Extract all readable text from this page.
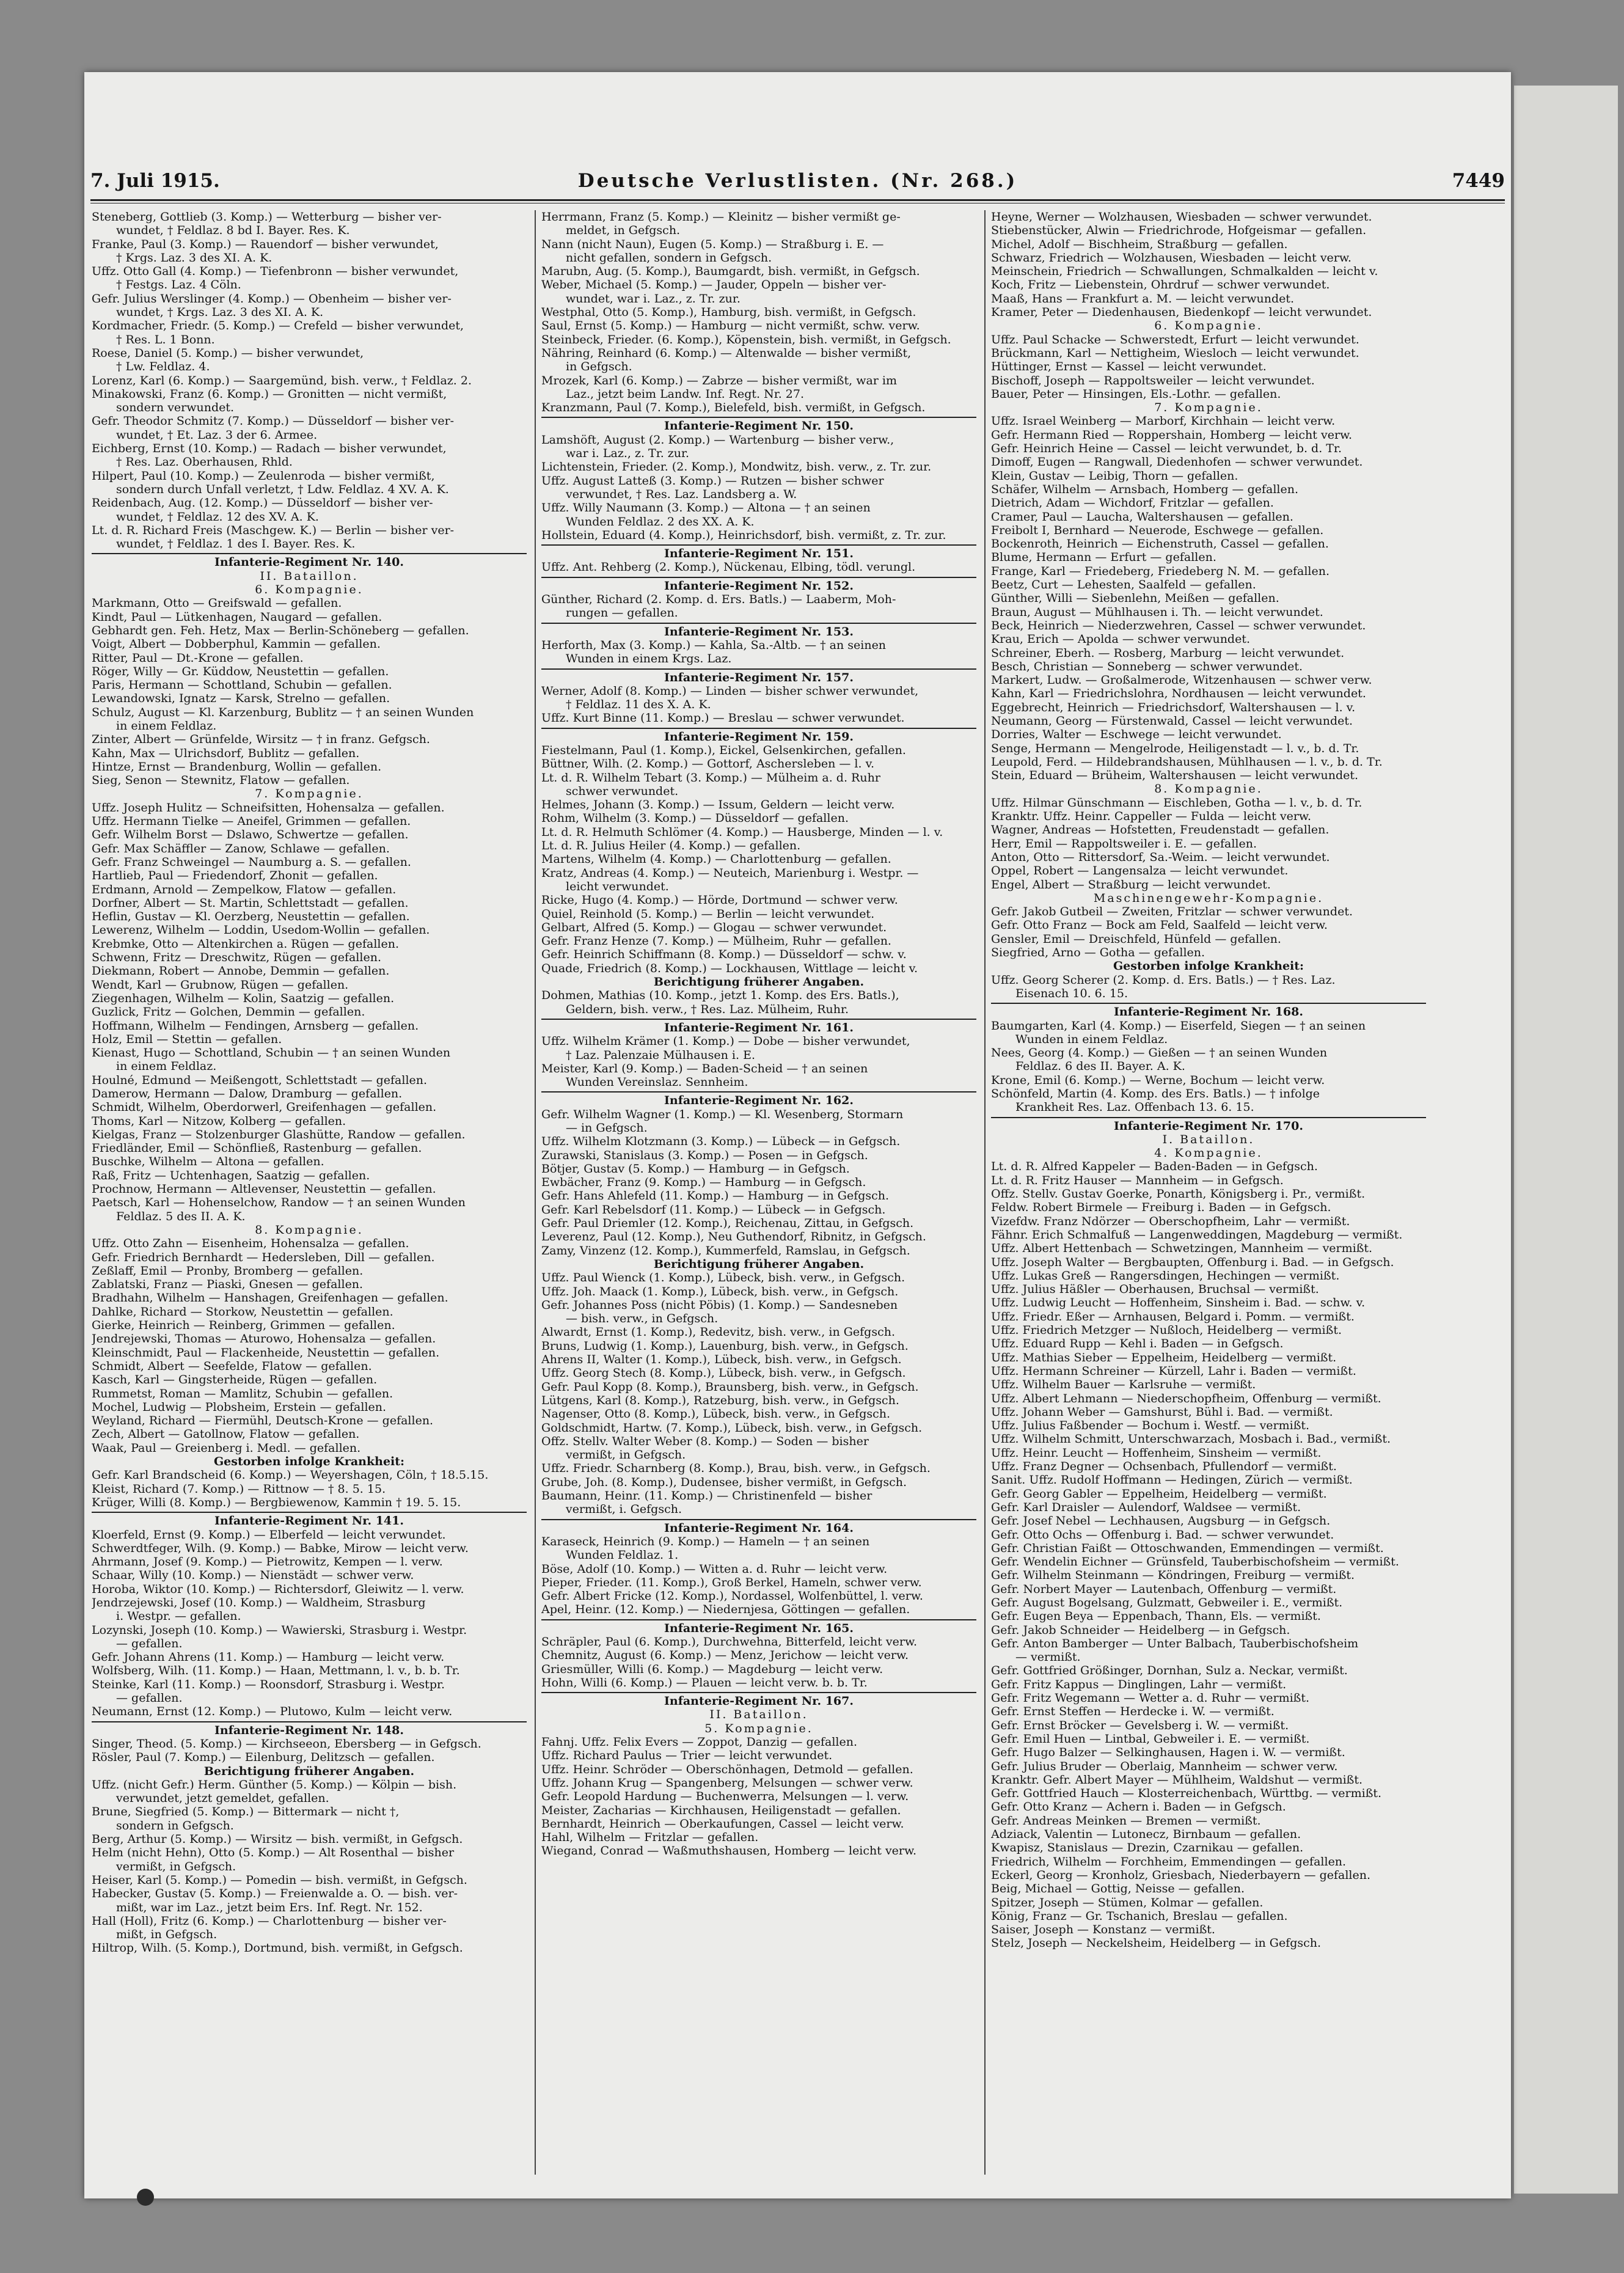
7. Juli 1915.	Deutsche Verlustlisten. (Nr. 268.)	7449
Steneberg, Gottlieb (3. Komp.) — Wetterburg — bisher ver-
wundet, † Feldlaz. 8 bd I. Bayer. Res. K.
Franke, Paul (3. Komp.) — Rauendorf — bisher verwundet,
† Krgs. Laz. 3 des XI. A. K.
Uffz. Otto Gall (4. Komp.) — Tiefenbronn — bisher verwundet,
† Festgs. Laz. 4 Cöln.
Gefr. Julius Werslinger (4. Komp.) — Obenheim — bisher ver-
wundet, † Krgs. Laz. 3 des XI. A. K.
Kordmacher, Friedr. (5. Komp.) — Crefeld — bisher verwundet,
† Res. L. 1 Bonn.
Roese, Daniel (5. Komp.) — bisher verwundet,
† Lw. Feldlaz. 4.
Lorenz, Karl (6. Komp.) — Saargemünd, bish. verw., † Feldlaz. 2.
Minakowski, Franz (6. Komp.) — Gronitten — nicht vermißt,
sondern verwundet.
Gefr. Theodor Schmitz (7. Komp.) — Düsseldorf — bisher ver-
wundet, † Et. Laz. 3 der 6. Armee.
Eichberg, Ernst (10. Komp.) — Radach — bisher verwundet,
† Res. Laz. Oberhausen, Rhld.
Hilpert, Paul (10. Komp.) — Zeulenroda — bisher vermißt,
sondern durch Unfall verletzt, † Ldw. Feldlaz. 4 XV. A. K.
Reidenbach, Aug. (12. Komp.) — Düsseldorf — bisher ver-
wundet, † Feldlaz. 12 des XV. A. K.
Lt. d. R. Richard Freis (Maschgew. K.) — Berlin — bisher ver-
wundet, † Feldlaz. 1 des I. Bayer. Res. K.
Infanterie-Regiment Nr. 140.
II. Bataillon.
6. Kompagnie.
Markmann, Otto — Greifswald — gefallen.
Kindt, Paul — Lütkenhagen, Naugard — gefallen.
Gebhardt gen. Feh. Hetz, Max — Berlin-Schöneberg — gefallen.
Voigt, Albert — Dobberphul, Kammin — gefallen.
Ritter, Paul — Dt.-Krone — gefallen.
Röger, Willy — Gr. Küddow, Neustettin — gefallen.
Paris, Hermann — Schottland, Schubin — gefallen.
Lewandowski, Ignatz — Karsk, Strelno — gefallen.
Schulz, August — Kl. Karzenburg, Bublitz — † an seinen Wunden
in einem Feldlaz.
Zinter, Albert — Grünfelde, Wirsitz — † in franz. Gefgsch.
Kahn, Max — Ulrichsdorf, Bublitz — gefallen.
Hintze, Ernst — Brandenburg, Wollin — gefallen.
Sieg, Senon — Stewnitz, Flatow — gefallen.
7. Kompagnie.
Uffz. Joseph Hulitz — Schneifsitten, Hohensalza — gefallen.
Uffz. Hermann Tielke — Aneifel, Grimmen — gefallen.
Gefr. Wilhelm Borst — Dslawo, Schwertze — gefallen.
Gefr. Max Schäffler — Zanow, Schlawe — gefallen.
Gefr. Franz Schweingel — Naumburg a. S. — gefallen.
Hartlieb, Paul — Friedendorf, Zhonit — gefallen.
Erdmann, Arnold — Zempelkow, Flatow — gefallen.
Dorfner, Albert — St. Martin, Schlettstadt — gefallen.
Heflin, Gustav — Kl. Oerzberg, Neustettin — gefallen.
Lewerenz, Wilhelm — Loddin, Usedom-Wollin — gefallen.
Krebmke, Otto — Altenkirchen a. Rügen — gefallen.
Schwenn, Fritz — Dreschwitz, Rügen — gefallen.
Diekmann, Robert — Annobe, Demmin — gefallen.
Wendt, Karl — Grubnow, Rügen — gefallen.
Ziegenhagen, Wilhelm — Kolin, Saatzig — gefallen.
Guzlick, Fritz — Golchen, Demmin — gefallen.
Hoffmann, Wilhelm — Fendingen, Arnsberg — gefallen.
Holz, Emil — Stettin — gefallen.
Kienast, Hugo — Schottland, Schubin — † an seinen Wunden
in einem Feldlaz.
Houlné, Edmund — Meißengott, Schlettstadt — gefallen.
Damerow, Hermann — Dalow, Dramburg — gefallen.
Schmidt, Wilhelm, Oberdorwerl, Greifenhagen — gefallen.
Thoms, Karl — Nitzow, Kolberg — gefallen.
Kielgas, Franz — Stolzenburger Glashütte, Randow — gefallen.
Friedländer, Emil — Schönfließ, Rastenburg — gefallen.
Buschke, Wilhelm — Altona — gefallen.
Raß, Fritz — Uchtenhagen, Saatzig — gefallen.
Prochnow, Hermann — Altlevenser, Neustettin — gefallen.
Paetsch, Karl — Hohenselchow, Randow — † an seinen Wunden
Feldlaz. 5 des II. A. K.
8. Kompagnie.
Uffz. Otto Zahn — Eisenheim, Hohensalza — gefallen.
Gefr. Friedrich Bernhardt — Hedersleben, Dill — gefallen.
Zeßlaff, Emil — Pronby, Bromberg — gefallen.
Zablatski, Franz — Piaski, Gnesen — gefallen.
Bradhahn, Wilhelm — Hanshagen, Greifenhagen — gefallen.
Dahlke, Richard — Storkow, Neustettin — gefallen.
Gierke, Heinrich — Reinberg, Grimmen — gefallen.
Jendrejewski, Thomas — Aturowo, Hohensalza — gefallen.
Kleinschmidt, Paul — Flackenheide, Neustettin — gefallen.
Schmidt, Albert — Seefelde, Flatow — gefallen.
Kasch, Karl — Gingsterheide, Rügen — gefallen.
Rummetst, Roman — Mamlitz, Schubin — gefallen.
Mochel, Ludwig — Plobsheim, Erstein — gefallen.
Weyland, Richard — Fiermühl, Deutsch-Krone — gefallen.
Zech, Albert — Gatollnow, Flatow — gefallen.
Waak, Paul — Greienberg i. Medl. — gefallen.
Gestorben infolge Krankheit:
Gefr. Karl Brandscheid (6. Komp.) — Weyershagen, Cöln, † 18.5.15.
Kleist, Richard (7. Komp.) — Rittnow — † 8. 5. 15.
Krüger, Willi (8. Komp.) — Bergbiewenow, Kammin † 19. 5. 15.
Infanterie-Regiment Nr. 141.
Kloerfeld, Ernst (9. Komp.) — Elberfeld — leicht verwundet.
Schwerdtfeger, Wilh. (9. Komp.) — Babke, Mirow — leicht verw.
Ahrmann, Josef (9. Komp.) — Pietrowitz, Kempen — l. verw.
Schaar, Willy (10. Komp.) — Nienstädt — schwer verw.
Horoba, Wiktor (10. Komp.) — Richtersdorf, Gleiwitz — l. verw.
Jendrzejewski, Josef (10. Komp.) — Waldheim, Strasburg
i. Westpr. — gefallen.
Lozynski, Joseph (10. Komp.) — Wawierski, Strasburg i. Westpr.
— gefallen.
Gefr. Johann Ahrens (11. Komp.) — Hamburg — leicht verw.
Wolfsberg, Wilh. (11. Komp.) — Haan, Mettmann, l. v., b. b. Tr.
Steinke, Karl (11. Komp.) — Roonsdorf, Strasburg i. Westpr.
— gefallen.
Neumann, Ernst (12. Komp.) — Plutowo, Kulm — leicht verw.
Infanterie-Regiment Nr. 148.
Singer, Theod. (5. Komp.) — Kirchseeon, Ebersberg — in Gefgsch.
Rösler, Paul (7. Komp.) — Eilenburg, Delitzsch — gefallen.
Berichtigung früherer Angaben.
Uffz. (nicht Gefr.) Herm. Günther (5. Komp.) — Kölpin — bish.
verwundet, jetzt gemeldet, gefallen.
Brune, Siegfried (5. Komp.) — Bittermark — nicht †,
sondern in Gefgsch.
Berg, Arthur (5. Komp.) — Wirsitz — bish. vermißt, in Gefgsch.
Helm (nicht Hehn), Otto (5. Komp.) — Alt Rosenthal — bisher
vermißt, in Gefgsch.
Heiser, Karl (5. Komp.) — Pomedin — bish. vermißt, in Gefgsch.
Habecker, Gustav (5. Komp.) — Freienwalde a. O. — bish. ver-
mißt, war im Laz., jetzt beim Ers. Inf. Regt. Nr. 152.
Hall (Holl), Fritz (6. Komp.) — Charlottenburg — bisher ver-
mißt, in Gefgsch.
Hiltrop, Wilh. (5. Komp.), Dortmund, bish. vermißt, in Gefgsch.
Herrmann, Franz (5. Komp.) — Kleinitz — bisher vermißt ge-
meldet, in Gefgsch.
Nann (nicht Naun), Eugen (5. Komp.) — Straßburg i. E. —
nicht gefallen, sondern in Gefgsch.
Marubn, Aug. (5. Komp.), Baumgardt, bish. vermißt, in Gefgsch.
Weber, Michael (5. Komp.) — Jauder, Oppeln — bisher ver-
wundet, war i. Laz., z. Tr. zur.
Westphal, Otto (5. Komp.), Hamburg, bish. vermißt, in Gefgsch.
Saul, Ernst (5. Komp.) — Hamburg — nicht vermißt, schw. verw.
Steinbeck, Frieder. (6. Komp.), Köpenstein, bish. vermißt, in Gefgsch.
Nähring, Reinhard (6. Komp.) — Altenwalde — bisher vermißt,
in Gefgsch.
Mrozek, Karl (6. Komp.) — Zabrze — bisher vermißt, war im
Laz., jetzt beim Landw. Inf. Regt. Nr. 27.
Kranzmann, Paul (7. Komp.), Bielefeld, bish. vermißt, in Gefgsch.
Infanterie-Regiment Nr. 150.
Lamshöft, August (2. Komp.) — Wartenburg — bisher verw.,
war i. Laz., z. Tr. zur.
Lichtenstein, Frieder. (2. Komp.), Mondwitz, bish. verw., z. Tr. zur.
Uffz. August Latteß (3. Komp.) — Rutzen — bisher schwer
verwundet, † Res. Laz. Landsberg a. W.
Uffz. Willy Naumann (3. Komp.) — Altona — † an seinen
Wunden Feldlaz. 2 des XX. A. K.
Hollstein, Eduard (4. Komp.), Heinrichsdorf, bish. vermißt, z. Tr. zur.
Infanterie-Regiment Nr. 151.
Uffz. Ant. Rehberg (2. Komp.), Nückenau, Elbing, tödl. verungl.
Infanterie-Regiment Nr. 152.
Günther, Richard (2. Komp. d. Ers. Batls.) — Laaberm, Moh-
rungen — gefallen.
Infanterie-Regiment Nr. 153.
Herforth, Max (3. Komp.) — Kahla, Sa.-Altb. — † an seinen
Wunden in einem Krgs. Laz.
Infanterie-Regiment Nr. 157.
Werner, Adolf (8. Komp.) — Linden — bisher schwer verwundet,
† Feldlaz. 11 des X. A. K.
Uffz. Kurt Binne (11. Komp.) — Breslau — schwer verwundet.
Infanterie-Regiment Nr. 159.
Fiestelmann, Paul (1. Komp.), Eickel, Gelsenkirchen, gefallen.
Büttner, Wilh. (2. Komp.) — Gottorf, Aschersleben — l. v.
Lt. d. R. Wilhelm Tebart (3. Komp.) — Mülheim a. d. Ruhr
schwer verwundet.
Helmes, Johann (3. Komp.) — Issum, Geldern — leicht verw.
Rohm, Wilhelm (3. Komp.) — Düsseldorf — gefallen.
Lt. d. R. Helmuth Schlömer (4. Komp.) — Hausberge, Minden — l. v.
Lt. d. R. Julius Heiler (4. Komp.) — gefallen.
Martens, Wilhelm (4. Komp.) — Charlottenburg — gefallen.
Kratz, Andreas (4. Komp.) — Neuteich, Marienburg i. Westpr. —
leicht verwundet.
Ricke, Hugo (4. Komp.) — Hörde, Dortmund — schwer verw.
Quiel, Reinhold (5. Komp.) — Berlin — leicht verwundet.
Gelbart, Alfred (5. Komp.) — Glogau — schwer verwundet.
Gefr. Franz Henze (7. Komp.) — Mülheim, Ruhr — gefallen.
Gefr. Heinrich Schiffmann (8. Komp.) — Düsseldorf — schw. v.
Quade, Friedrich (8. Komp.) — Lockhausen, Wittlage — leicht v.
Berichtigung früherer Angaben.
Dohmen, Mathias (10. Komp., jetzt 1. Komp. des Ers. Batls.),
Geldern, bish. verw., † Res. Laz. Mülheim, Ruhr.
Infanterie-Regiment Nr. 161.
Uffz. Wilhelm Krämer (1. Komp.) — Dobe — bisher verwundet,
† Laz. Palenzaie Mülhausen i. E.
Meister, Karl (9. Komp.) — Baden-Scheid — † an seinen
Wunden Vereinslaz. Sennheim.
Infanterie-Regiment Nr. 162.
Gefr. Wilhelm Wagner (1. Komp.) — Kl. Wesenberg, Stormarn
— in Gefgsch.
Uffz. Wilhelm Klotzmann (3. Komp.) — Lübeck — in Gefgsch.
Zurawski, Stanislaus (3. Komp.) — Posen — in Gefgsch.
Bötjer, Gustav (5. Komp.) — Hamburg — in Gefgsch.
Ewbächer, Franz (9. Komp.) — Hamburg — in Gefgsch.
Gefr. Hans Ahlefeld (11. Komp.) — Hamburg — in Gefgsch.
Gefr. Karl Rebelsdorf (11. Komp.) — Lübeck — in Gefgsch.
Gefr. Paul Driemler (12. Komp.), Reichenau, Zittau, in Gefgsch.
Leverenz, Paul (12. Komp.), Neu Guthendorf, Ribnitz, in Gefgsch.
Zamy, Vinzenz (12. Komp.), Kummerfeld, Ramslau, in Gefgsch.
Berichtigung früherer Angaben.
Uffz. Paul Wienck (1. Komp.), Lübeck, bish. verw., in Gefgsch.
Uffz. Joh. Maack (1. Komp.), Lübeck, bish. verw., in Gefgsch.
Gefr. Johannes Poss (nicht Pöbis) (1. Komp.) — Sandesneben
— bish. verw., in Gefgsch.
Alwardt, Ernst (1. Komp.), Redevitz, bish. verw., in Gefgsch.
Bruns, Ludwig (1. Komp.), Lauenburg, bish. verw., in Gefgsch.
Ahrens II, Walter (1. Komp.), Lübeck, bish. verw., in Gefgsch.
Uffz. Georg Stech (8. Komp.), Lübeck, bish. verw., in Gefgsch.
Gefr. Paul Kopp (8. Komp.), Braunsberg, bish. verw., in Gefgsch.
Lütgens, Karl (8. Komp.), Ratzeburg, bish. verw., in Gefgsch.
Nagenser, Otto (8. Komp.), Lübeck, bish. verw., in Gefgsch.
Goldschmidt, Hartw. (7. Komp.), Lübeck, bish. verw., in Gefgsch.
Offz. Stellv. Walter Weber (8. Komp.) — Soden — bisher
vermißt, in Gefgsch.
Uffz. Friedr. Scharnberg (8. Komp.), Brau, bish. verw., in Gefgsch.
Grube, Joh. (8. Komp.), Dudensee, bisher vermißt, in Gefgsch.
Baumann, Heinr. (11. Komp.) — Christinenfeld — bisher
vermißt, i. Gefgsch.
Infanterie-Regiment Nr. 164.
Karaseck, Heinrich (9. Komp.) — Hameln — † an seinen
Wunden Feldlaz. 1.
Böse, Adolf (10. Komp.) — Witten a. d. Ruhr — leicht verw.
Pieper, Frieder. (11. Komp.), Groß Berkel, Hameln, schwer verw.
Gefr. Albert Fricke (12. Komp.), Nordassel, Wolfenbüttel, l. verw.
Apel, Heinr. (12. Komp.) — Niedernjesa, Göttingen — gefallen.
Infanterie-Regiment Nr. 165.
Schräpler, Paul (6. Komp.), Durchwehna, Bitterfeld, leicht verw.
Chemnitz, August (6. Komp.) — Menz, Jerichow — leicht verw.
Griesmüller, Willi (6. Komp.) — Magdeburg — leicht verw.
Hohn, Willi (6. Komp.) — Plauen — leicht verw. b. b. Tr.
Infanterie-Regiment Nr. 167.
II. Bataillon.
5. Kompagnie.
Fahnj. Uffz. Felix Evers — Zoppot, Danzig — gefallen.
Uffz. Richard Paulus — Trier — leicht verwundet.
Uffz. Heinr. Schröder — Oberschönhagen, Detmold — gefallen.
Uffz. Johann Krug — Spangenberg, Melsungen — schwer verw.
Gefr. Leopold Hardung — Buchenwerra, Melsungen — l. verw.
Meister, Zacharias — Kirchhausen, Heiligenstadt — gefallen.
Bernhardt, Heinrich — Oberkaufungen, Cassel — leicht verw.
Hahl, Wilhelm — Fritzlar — gefallen.
Wiegand, Conrad — Waßmuthshausen, Homberg — leicht verw.
Heyne, Werner — Wolzhausen, Wiesbaden — schwer verwundet.
Stiebenstücker, Alwin — Friedrichrode, Hofgeismar — gefallen.
Michel, Adolf — Bischheim, Straßburg — gefallen.
Schwarz, Friedrich — Wolzhausen, Wiesbaden — leicht verw.
Meinschein, Friedrich — Schwallungen, Schmalkalden — leicht v.
Koch, Fritz — Liebenstein, Ohrdruf — schwer verwundet.
Maaß, Hans — Frankfurt a. M. — leicht verwundet.
Kramer, Peter — Diedenhausen, Biedenkopf — leicht verwundet.
6. Kompagnie.
Uffz. Paul Schacke — Schwerstedt, Erfurt — leicht verwundet.
Brückmann, Karl — Nettigheim, Wiesloch — leicht verwundet.
Hüttinger, Ernst — Kassel — leicht verwundet.
Bischoff, Joseph — Rappoltsweiler — leicht verwundet.
Bauer, Peter — Hinsingen, Els.-Lothr. — gefallen.
7. Kompagnie.
Uffz. Israel Weinberg — Marborf, Kirchhain — leicht verw.
Gefr. Hermann Ried — Roppershain, Homberg — leicht verw.
Gefr. Heinrich Heine — Cassel — leicht verwundet, b. d. Tr.
Dimoff, Eugen — Rangwall, Diedenhofen — schwer verwundet.
Klein, Gustav — Leibig, Thorn — gefallen.
Schäfer, Wilhelm — Arnsbach, Homberg — gefallen.
Dietrich, Adam — Wichdorf, Fritzlar — gefallen.
Cramer, Paul — Laucha, Waltershausen — gefallen.
Freibolt I, Bernhard — Neuerode, Eschwege — gefallen.
Bockenroth, Heinrich — Eichenstruth, Cassel — gefallen.
Blume, Hermann — Erfurt — gefallen.
Frange, Karl — Friedeberg, Friedeberg N. M. — gefallen.
Beetz, Curt — Lehesten, Saalfeld — gefallen.
Günther, Willi — Siebenlehn, Meißen — gefallen.
Braun, August — Mühlhausen i. Th. — leicht verwundet.
Beck, Heinrich — Niederzwehren, Cassel — schwer verwundet.
Krau, Erich — Apolda — schwer verwundet.
Schreiner, Eberh. — Rosberg, Marburg — leicht verwundet.
Besch, Christian — Sonneberg — schwer verwundet.
Markert, Ludw. — Großalmerode, Witzenhausen — schwer verw.
Kahn, Karl — Friedrichslohra, Nordhausen — leicht verwundet.
Eggebrecht, Heinrich — Friedrichsdorf, Waltershausen — l. v.
Neumann, Georg — Fürstenwald, Cassel — leicht verwundet.
Dorries, Walter — Eschwege — leicht verwundet.
Senge, Hermann — Mengelrode, Heiligenstadt — l. v., b. d. Tr.
Leupold, Ferd. — Hildebrandshausen, Mühlhausen — l. v., b. d. Tr.
Stein, Eduard — Brüheim, Waltershausen — leicht verwundet.
8. Kompagnie.
Uffz. Hilmar Günschmann — Eischleben, Gotha — l. v., b. d. Tr.
Kranktr. Uffz. Heinr. Cappeller — Fulda — leicht verw.
Wagner, Andreas — Hofstetten, Freudenstadt — gefallen.
Herr, Emil — Rappoltsweiler i. E. — gefallen.
Anton, Otto — Rittersdorf, Sa.-Weim. — leicht verwundet.
Oppel, Robert — Langensalza — leicht verwundet.
Engel, Albert — Straßburg — leicht verwundet.
Maschinengewehr-Kompagnie.
Gefr. Jakob Gutbeil — Zweiten, Fritzlar — schwer verwundet.
Gefr. Otto Franz — Bock am Feld, Saalfeld — leicht verw.
Gensler, Emil — Dreischfeld, Hünfeld — gefallen.
Siegfried, Arno — Gotha — gefallen.
Gestorben infolge Krankheit:
Uffz. Georg Scherer (2. Komp. d. Ers. Batls.) — † Res. Laz.
Eisenach 10. 6. 15.
Infanterie-Regiment Nr. 168.
Baumgarten, Karl (4. Komp.) — Eiserfeld, Siegen — † an seinen
Wunden in einem Feldlaz.
Nees, Georg (4. Komp.) — Gießen — † an seinen Wunden
Feldlaz. 6 des II. Bayer. A. K.
Krone, Emil (6. Komp.) — Werne, Bochum — leicht verw.
Schönfeld, Martin (4. Komp. des Ers. Batls.) — † infolge
Krankheit Res. Laz. Offenbach 13. 6. 15.
Infanterie-Regiment Nr. 170.
I. Bataillon.
4. Kompagnie.
Lt. d. R. Alfred Kappeler — Baden-Baden — in Gefgsch.
Lt. d. R. Fritz Hauser — Mannheim — in Gefgsch.
Offz. Stellv. Gustav Goerke, Ponarth, Königsberg i. Pr., vermißt.
Feldw. Robert Birmele — Freiburg i. Baden — in Gefgsch.
Vizefdw. Franz Ndörzer — Oberschopfheim, Lahr — vermißt.
Fähnr. Erich Schmalfuß — Langenweddingen, Magdeburg — vermißt.
Uffz. Albert Hettenbach — Schwetzingen, Mannheim — vermißt.
Uffz. Joseph Walter — Bergbaupten, Offenburg i. Bad. — in Gefgsch.
Uffz. Lukas Greß — Rangersdingen, Hechingen — vermißt.
Uffz. Julius Häßler — Oberhausen, Bruchsal — vermißt.
Uffz. Ludwig Leucht — Hoffenheim, Sinsheim i. Bad. — schw. v.
Uffz. Friedr. Eßer — Arnhausen, Belgard i. Pomm. — vermißt.
Uffz. Friedrich Metzger — Nußloch, Heidelberg — vermißt.
Uffz. Eduard Rupp — Kehl i. Baden — in Gefgsch.
Uffz. Mathias Sieber — Eppelheim, Heidelberg — vermißt.
Uffz. Hermann Schreiner — Kürzell, Lahr i. Baden — vermißt.
Uffz. Wilhelm Bauer — Karlsruhe — vermißt.
Uffz. Albert Lehmann — Niederschopfheim, Offenburg — vermißt.
Uffz. Johann Weber — Gamshurst, Bühl i. Bad. — vermißt.
Uffz. Julius Faßbender — Bochum i. Westf. — vermißt.
Uffz. Wilhelm Schmitt, Unterschwarzach, Mosbach i. Bad., vermißt.
Uffz. Heinr. Leucht — Hoffenheim, Sinsheim — vermißt.
Uffz. Franz Degner — Ochsenbach, Pfullendorf — vermißt.
Sanit. Uffz. Rudolf Hoffmann — Hedingen, Zürich — vermißt.
Gefr. Georg Gabler — Eppelheim, Heidelberg — vermißt.
Gefr. Karl Draisler — Aulendorf, Waldsee — vermißt.
Gefr. Josef Nebel — Lechhausen, Augsburg — in Gefgsch.
Gefr. Otto Ochs — Offenburg i. Bad. — schwer verwundet.
Gefr. Christian Faißt — Ottoschwanden, Emmendingen — vermißt.
Gefr. Wendelin Eichner — Grünsfeld, Tauberbischofsheim — vermißt.
Gefr. Wilhelm Steinmann — Köndringen, Freiburg — vermißt.
Gefr. Norbert Mayer — Lautenbach, Offenburg — vermißt.
Gefr. August Bogelsang, Gulzmatt, Gebweiler i. E., vermißt.
Gefr. Eugen Beya — Eppenbach, Thann, Els. — vermißt.
Gefr. Jakob Schneider — Heidelberg — in Gefgsch.
Gefr. Anton Bamberger — Unter Balbach, Tauberbischofsheim
— vermißt.
Gefr. Gottfried Größinger, Dornhan, Sulz a. Neckar, vermißt.
Gefr. Fritz Kappus — Dinglingen, Lahr — vermißt.
Gefr. Fritz Wegemann — Wetter a. d. Ruhr — vermißt.
Gefr. Ernst Steffen — Herdecke i. W. — vermißt.
Gefr. Ernst Bröcker — Gevelsberg i. W. — vermißt.
Gefr. Emil Huen — Lintbal, Gebweiler i. E. — vermißt.
Gefr. Hugo Balzer — Selkinghausen, Hagen i. W. — vermißt.
Gefr. Julius Bruder — Oberlaig, Mannheim — schwer verw.
Kranktr. Gefr. Albert Mayer — Mühlheim, Waldshut — vermißt.
Gefr. Gottfried Hauch — Klosterreichenbach, Württbg. — vermißt.
Gefr. Otto Kranz — Achern i. Baden — in Gefgsch.
Gefr. Andreas Meinken — Bremen — vermißt.
Adziack, Valentin — Lutonecz, Birnbaum — gefallen.
Kwapisz, Stanislaus — Drezin, Czarnikau — gefallen.
Friedrich, Wilhelm — Forchheim, Emmendingen — gefallen.
Eckerl, Georg — Kronholz, Griesbach, Niederbayern — gefallen.
Beig, Michael — Gottig, Neisse — gefallen.
Spitzer, Joseph — Stümen, Kolmar — gefallen.
König, Franz — Gr. Tschanich, Breslau — gefallen.
Saiser, Joseph — Konstanz — vermißt.
Stelz, Joseph — Neckelsheim, Heidelberg — in Gefgsch.
